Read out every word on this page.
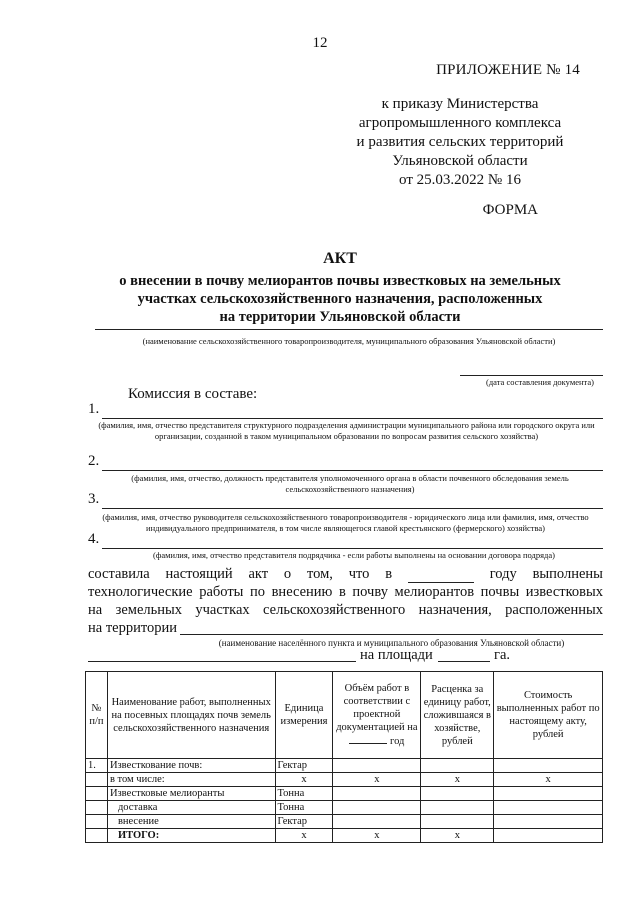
12
ПРИЛОЖЕНИЕ № 14
к приказу Министерства
агропромышленного комплекса
и развития сельских территорий
Ульяновской области
от 25.03.2022 № 16
ФОРМА
АКТ
о внесении в почву мелиорантов почвы известковых на земельных
участках сельскохозяйственного назначения, расположенных
на территории Ульяновской области
(наименование сельскохозяйственного товаропроизводителя, муниципального образования Ульяновской области)
(дата составления документа)
Комиссия в составе:
1.
(фамилия, имя, отчество представителя структурного подразделения администрации муниципального района или городского округа или организации, созданной в таком муниципальном образовании по вопросам развития сельского хозяйства)
2.
(фамилия, имя, отчество, должность представителя уполномоченного органа в области почвенного обследования земель сельскохозяйственного назначения)
3.
(фамилия, имя, отчество руководителя сельскохозяйственного товаропроизводителя - юридического лица или фамилия, имя, отчество индивидуального предпринимателя, в том числе являющегося главой крестьянского (фермерского) хозяйства)
4.
(фамилия, имя, отчество представителя подрядчика - если работы выполнены на основании договора подряда)
составила настоящий акт о том, что в	году выполнены
технологические работы по внесению в почву мелиорантов почвы известковых
на земельных участках сельскохозяйственного назначения, расположенных
на территории
(наименование населённого пункта и муниципального образования Ульяновской области)
на площади	га.
№ п/п	Наименование работ, выполненных на посевных площадях почв земель сельскохозяйственного назначения	Единица измерения	Объём работ в соответствии с проектной документацией на  год	Расценка за единицу работ, сложившаяся в хозяйстве, рублей	Стоимость выполненных работ по настоящему акту, рублей
1.	Известкование почв:	Гектар			
	в том числе:	х	х	х	х
	Известковые мелиоранты	Тонна			
	доставка	Тонна			
	внесение	Гектар			
	ИТОГО:	х	х	х	
